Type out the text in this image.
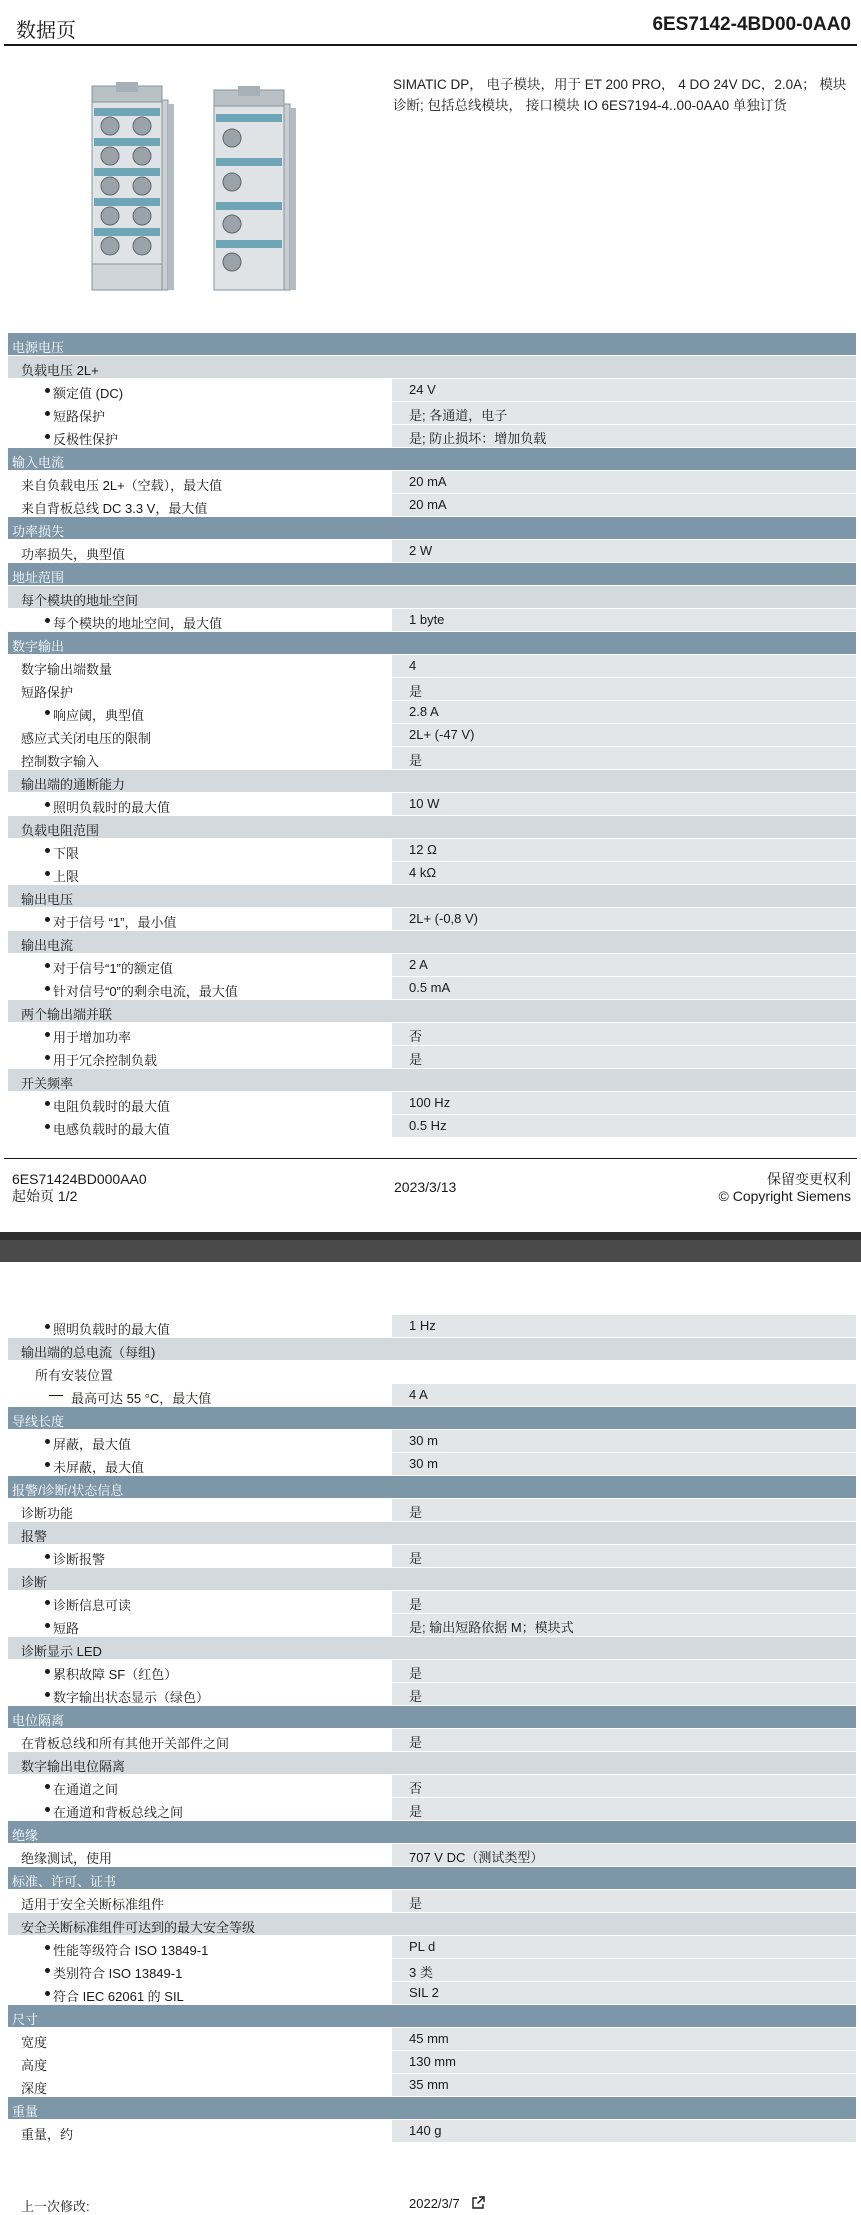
数据页	6ES7142-4BD00-0AA0
SIMATIC DP， 电子模块，用于 ET 200 PRO， 4 DO 24V DC，2.0A； 模块诊断; 包括总线模块， 接口模块 IO 6ES7194-4..00-0AA0 单独订货
电源电压
负载电压 2L+
额定值 (DC)	24 V
短路保护	是; 各通道，电子
反极性保护	是; 防止损坏：增加负载
输入电流
来自负载电压 2L+（空载），最大值	20 mA
来自背板总线 DC 3.3 V，最大值	20 mA
功率损失
功率损失，典型值	2 W
地址范围
每个模块的地址空间
每个模块的地址空间，最大值	1 byte
数字输出
数字输出端数量	4
短路保护	是
响应阈，典型值	2.8 A
感应式关闭电压的限制	2L+ (-47 V)
控制数字输入	是
输出端的通断能力
照明负载时的最大值	10 W
负载电阻范围
下限	12 Ω
上限	4 kΩ
输出电压
对于信号 “1”，最小值	2L+ (-0,8 V)
输出电流
对于信号“1”的额定值	2 A
针对信号“0”的剩余电流，最大值	0.5 mA
两个输出端并联
用于增加功率	否
用于冗余控制负载	是
开关频率
电阻负载时的最大值	100 Hz
电感负载时的最大值	0.5 Hz
6ES71424BD000AA0
起始页 1/2
2023/3/13	保留变更权利
© Copyright Siemens
照明负载时的最大值	1 Hz
输出端的总电流（每组)
所有安装位置
最高可达 55 °C，最大值	4 A
导线长度
屏蔽，最大值	30 m
未屏蔽，最大值	30 m
报警/诊断/状态信息
诊断功能	是
报警
诊断报警	是
诊断
诊断信息可读	是
短路	是; 输出短路依据 M；模块式
诊断显示 LED
累积故障 SF（红色）	是
数字输出状态显示（绿色）	是
电位隔离
在背板总线和所有其他开关部件之间	是
数字输出电位隔离
在通道之间	否
在通道和背板总线之间	是
绝缘
绝缘测试，使用	707 V DC（测试类型）
标准、许可、证书
适用于安全关断标准组件	是
安全关断标准组件可达到的最大安全等级
性能等级符合 ISO 13849-1	PL d
类别符合 ISO 13849-1	3 类
符合 IEC 62061 的 SIL	SIL 2
尺寸
宽度	45 mm
高度	130 mm
深度	35 mm
重量
重量，约	140 g
上一次修改:	2022/3/7
